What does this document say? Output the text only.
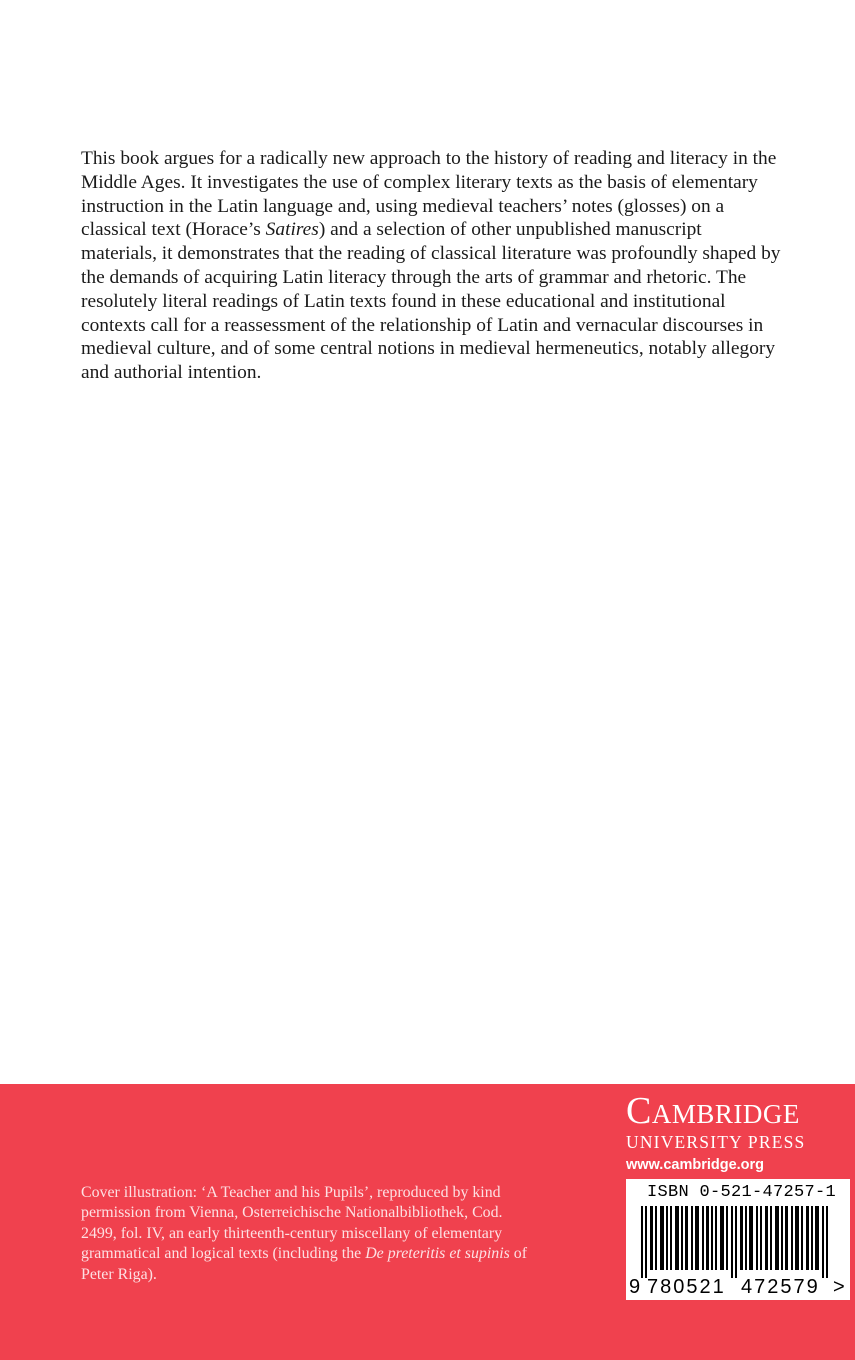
This book argues for a radically new approach to the history of reading and literacy in the Middle Ages. It investigates the use of complex literary texts as the basis of elementary instruction in the Latin language and, using medieval teachers’ notes (glosses) on a classical text (Horace’s Satires) and a selection of other unpublished manuscript materials, it demonstrates that the reading of classical literature was profoundly shaped by the demands of acquiring Latin literacy through the arts of grammar and rhetoric. The resolutely literal readings of Latin texts found in these educational and institutional contexts call for a reassessment of the relationship of Latin and vernacular discourses in medieval culture, and of some central notions in medieval hermeneutics, notably allegory and authorial intention.

Cover illustration: ‘A Teacher and his Pupils’, reproduced by kind permission from Vienna, Osterreichische Nationalbibliothek, Cod. 2499, fol. IV, an early thirteenth-century miscellany of elementary grammatical and logical texts (including the De preteritis et supinis of Peter Riga).

Cambridge
UNIVERSITY PRESS
www.cambridge.org
ISBN 0-521-47257-1
9 780521 472579 >
